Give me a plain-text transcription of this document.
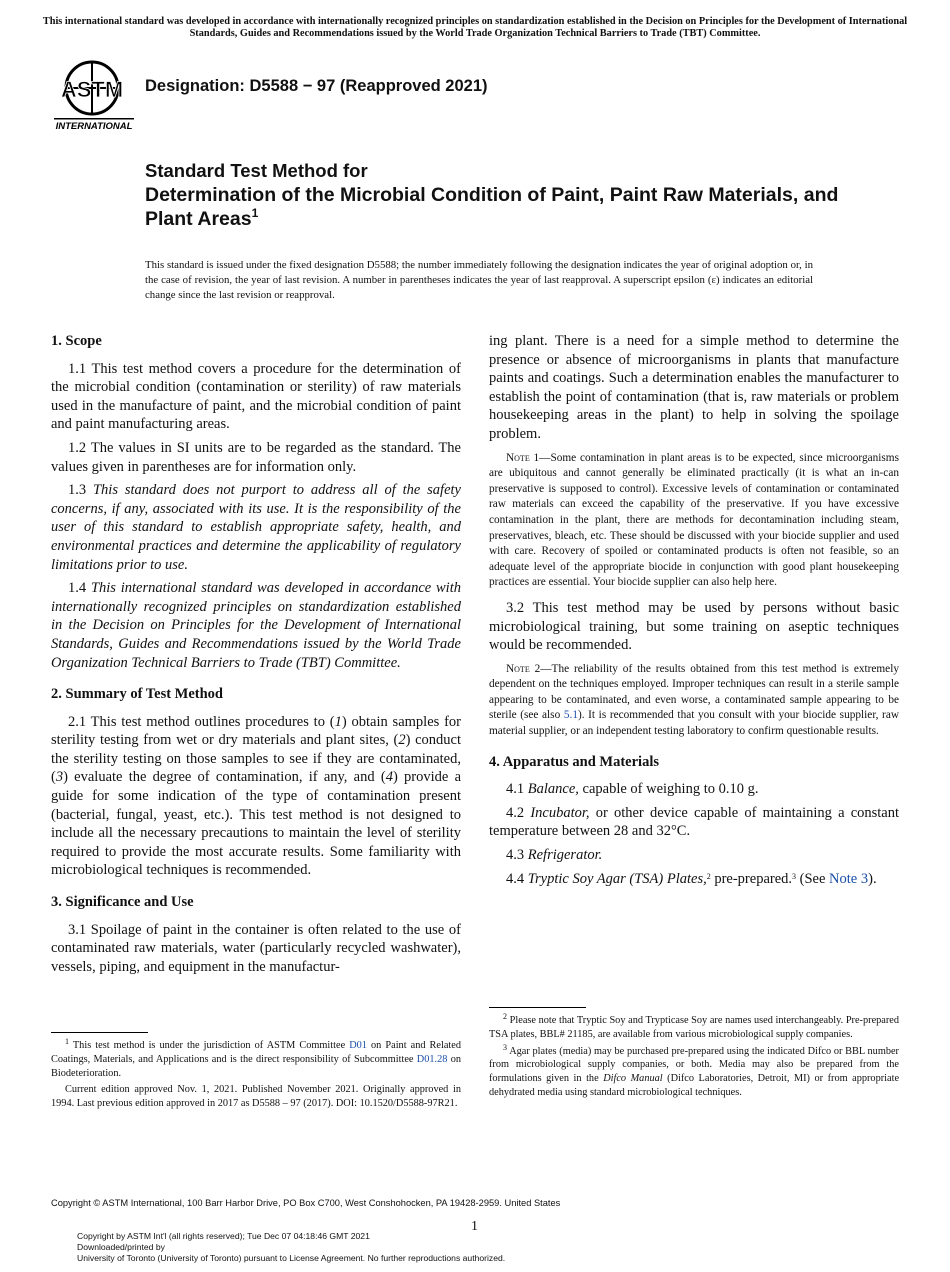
This international standard was developed in accordance with internationally recognized principles on standardization established in the Decision on Principles for the Development of International Standards, Guides and Recommendations issued by the World Trade Organization Technical Barriers to Trade (TBT) Committee.
ASTM
INTERNATIONAL
Designation: D5588 − 97 (Reapproved 2021)
Standard Test Method for
Determination of the Microbial Condition of Paint, Paint Raw Materials, and Plant Areas$^1$
This standard is issued under the fixed designation D5588; the number immediately following the designation indicates the year of original adoption or, in the case of revision, the year of last revision. A number in parentheses indicates the year of last reapproval. A superscript epsilon (ε) indicates an editorial change since the last revision or reapproval.
1. Scope

1.1 This test method covers a procedure for the determination of the microbial condition (contamination or sterility) of raw materials used in the manufacture of paint, and the microbial condition of paint and paint manufacturing areas.

1.2 The values in SI units are to be regarded as the standard. The values given in parentheses are for information only.

1.3 This standard does not purport to address all of the safety concerns, if any, associated with its use. It is the responsibility of the user of this standard to establish appropriate safety, health, and environmental practices and determine the applicability of regulatory limitations prior to use.

1.4 This international standard was developed in accordance with internationally recognized principles on standardization established in the Decision on Principles for the Development of International Standards, Guides and Recommendations issued by the World Trade Organization Technical Barriers to Trade (TBT) Committee.

2. Summary of Test Method

2.1 This test method outlines procedures to (1) obtain samples for sterility testing from wet or dry materials and plant sites, (2) conduct the sterility testing on those samples to see if they are contaminated, (3) evaluate the degree of contamination, if any, and (4) provide a guide for some indication of the type of contamination present (bacterial, fungal, yeast, etc.). This test method is not designed to include all the necessary precautions to maintain the level of sterility required to provide the most accurate results. Some familiarity with microbiological techniques is recommended.

3. Significance and Use

3.1 Spoilage of paint in the container is often related to the use of contaminated raw materials, water (particularly recycled washwater), vessels, piping, and equipment in the manufactur-

$^1$ This test method is under the jurisdiction of ASTM Committee D01 on Paint and Related Coatings, Materials, and Applications and is the direct responsibility of Subcommittee D01.28 on Biodeterioration.

Current edition approved Nov. 1, 2021. Published November 2021. Originally approved in 1994. Last previous edition approved in 2017 as D5588 – 97 (2017). DOI: 10.1520/D5588-97R21.

ing plant. There is a need for a simple method to determine the presence or absence of microorganisms in plants that manufacture paints and coatings. Such a determination enables the manufacturer to establish the point of contamination (that is, raw materials or problem housekeeping areas in the plant) to help in solving the spoilage problem.

Note 1—Some contamination in plant areas is to be expected, since microorganisms are ubiquitous and cannot generally be eliminated practically (it is what an in-can preservative is supposed to control). Excessive levels of contamination or contaminated raw materials can exceed the capability of the preservative. If you have excessive contamination in the plant, there are methods for decontamination including steam, preservatives, bleach, etc. These should be discussed with your biocide supplier and used with care. Recovery of spoiled or contaminated products is often not feasible, so an adequate level of the appropriate biocide in conjunction with good plant housekeeping practices are essential. Your biocide supplier can also help here.

3.2 This test method may be used by persons without basic microbiological training, but some training on aseptic techniques would be recommended.

Note 2—The reliability of the results obtained from this test method is extremely dependent on the techniques employed. Improper techniques can result in a sterile sample appearing to be contaminated, and even worse, a contaminated sample appearing to be sterile (see also 5.1). It is recommended that you consult with your biocide supplier, raw material supplier, or an independent testing laboratory to confirm questionable results.

4. Apparatus and Materials

4.1 Balance, capable of weighing to 0.10 g.

4.2 Incubator, or other device capable of maintaining a constant temperature between 28 and 32°C.

4.3 Refrigerator.

4.4 Tryptic Soy Agar (TSA) Plates,$^2$ pre-prepared.$^3$ (See Note 3).

$^2$ Please note that Tryptic Soy and Trypticase Soy are names used interchangeably. Pre-prepared TSA plates, BBL# 21185, are available from various microbiological supply companies.

$^3$ Agar plates (media) may be purchased pre-prepared using the indicated Difco or BBL number from microbiological supply companies, or both. Media may also be prepared from the formulations given in the Difco Manual (Difco Laboratories, Detroit, MI) or from appropriate dehydrated media using standard microbiological techniques.

Copyright © ASTM International, 100 Barr Harbor Drive, PO Box C700, West Conshohocken, PA 19428-2959. United States
1
Copyright by ASTM Int'l (all rights reserved); Tue Dec 07 04:18:46 GMT 2021
Downloaded/printed by
University of Toronto (University of Toronto) pursuant to License Agreement. No further reproductions authorized.
